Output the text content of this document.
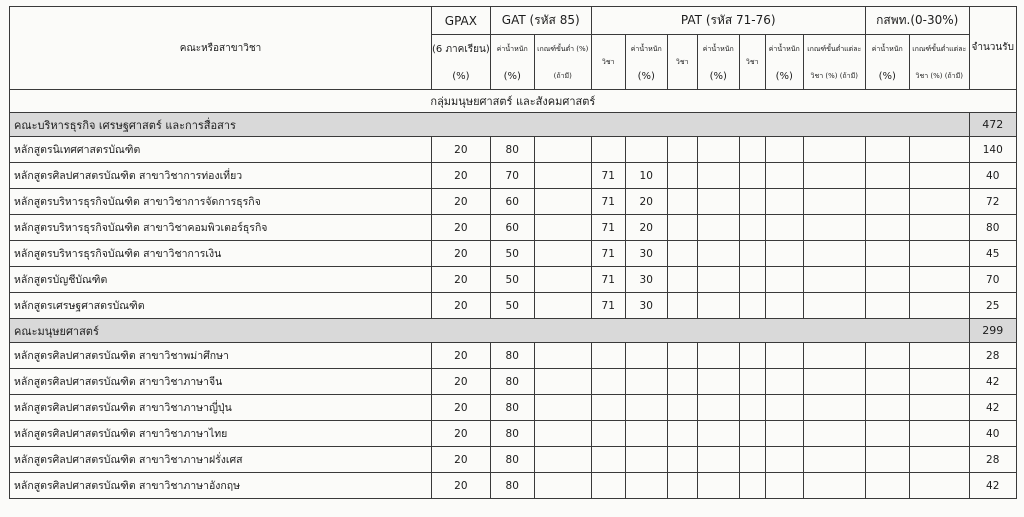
คณะหรือสาขาวิชา	GPAX	GAT (รหัส 85)		PAT (รหัส 71-76)							กสพท.(0-30%)		จำนวนรับ
	(6 ภาคเรียน)	ค่าน้ำหนัก	เกณฑ์ขั้นต่ำ (%)	วิชา	ค่าน้ำหนัก	วิชา	ค่าน้ำหนัก	วิชา	ค่าน้ำหนัก	เกณฑ์ขั้นต่ำแต่ละ	ค่าน้ำหนัก	เกณฑ์ขั้นต่ำแต่ละ	
	(%)	(%)	(ถ้ามี)		(%)		(%)		(%)	วิชา (%) (ถ้ามี)	(%)	วิชา (%) (ถ้ามี)	
กลุ่มมนุษยศาสตร์ และสังคมศาสตร์													
คณะบริหารธุรกิจ เศรษฐศาสตร์ และการสื่อสาร													472
หลักสูตรนิเทศศาสตรบัณฑิต	20	80											140
หลักสูตรศิลปศาสตรบัณฑิต สาขาวิชาการท่องเที่ยว	20	70		71	10								40
หลักสูตรบริหารธุรกิจบัณฑิต สาขาวิชาการจัดการธุรกิจ	20	60		71	20								72
หลักสูตรบริหารธุรกิจบัณฑิต สาขาวิชาคอมพิวเตอร์ธุรกิจ	20	60		71	20								80
หลักสูตรบริหารธุรกิจบัณฑิต สาขาวิชาการเงิน	20	50		71	30								45
หลักสูตรบัญชีบัณฑิต	20	50		71	30								70
หลักสูตรเศรษฐศาสตรบัณฑิต	20	50		71	30								25
คณะมนุษยศาสตร์													299
หลักสูตรศิลปศาสตรบัณฑิต สาขาวิชาพม่าศึกษา	20	80											28
หลักสูตรศิลปศาสตรบัณฑิต สาขาวิชาภาษาจีน	20	80											42
หลักสูตรศิลปศาสตรบัณฑิต สาขาวิชาภาษาญี่ปุ่น	20	80											42
หลักสูตรศิลปศาสตรบัณฑิต สาขาวิชาภาษาไทย	20	80											40
หลักสูตรศิลปศาสตรบัณฑิต สาขาวิชาภาษาฝรั่งเศส	20	80											28
หลักสูตรศิลปศาสตรบัณฑิต สาขาวิชาภาษาอังกฤษ	20	80											42
